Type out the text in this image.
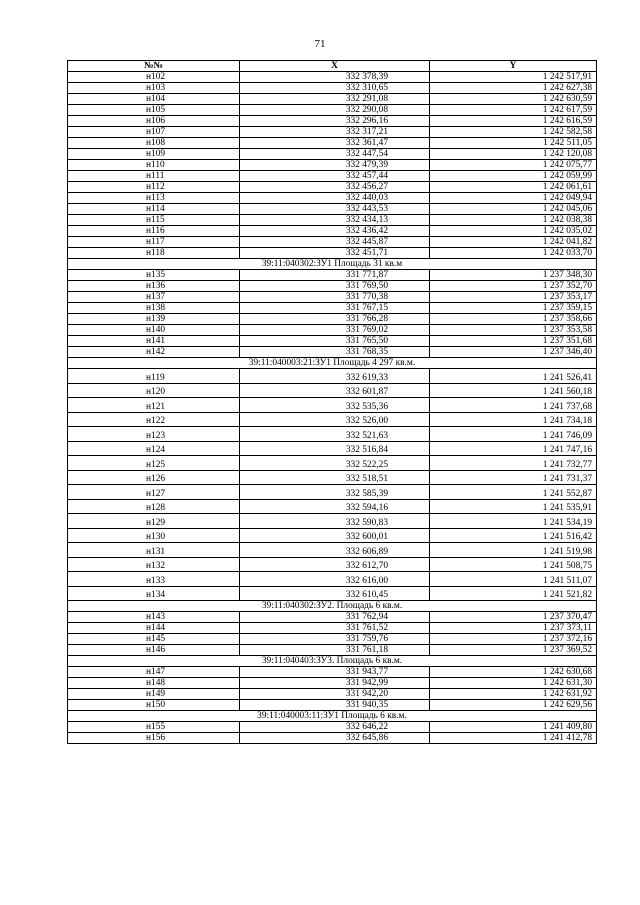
71
№№	X	Y
н102	332 378,39	1 242 517,91
н103	332 310,65	1 242 627,38
н104	332 291,08	1 242 630,59
н105	332 290,08	1 242 617,59
н106	332 296,16	1 242 616,59
н107	332 317,21	1 242 582,58
н108	332 361,47	1 242 511,05
н109	332 447,54	1 242 120,08
н110	332 479,39	1 242 075,77
н111	332 457,44	1 242 059,99
н112	332 456,27	1 242 061,61
н113	332 440,03	1 242 049,94
н114	332 443,53	1 242 045,06
н115	332 434,13	1 242 038,38
н116	332 436,42	1 242 035,02
н117	332 445,87	1 242 041,82
н118	332 451,71	1 242 033,70
39:11:040302:ЗУ1 Площадь 31 кв.м		
н135	331 771,87	1 237 348,30
н136	331 769,50	1 237 352,70
н137	331 770,38	1 237 353,17
н138	331 767,15	1 237 359,15
н139	331 766,28	1 237 358,66
н140	331 769,02	1 237 353,58
н141	331 765,50	1 237 351,68
н142	331 768,35	1 237 346,40
39:11:040003:21:ЗУ1 Площадь 4 297 кв.м.		
н119	332 619,33	1 241 526,41
н120	332 601,87	1 241 560,18
н121	332 535,36	1 241 737,68
н122	332 526,00	1 241 734,18
н123	332 521,63	1 241 746,09
н124	332 516,84	1 241 747,16
н125	332 522,25	1 241 732,77
н126	332 518,51	1 241 731,37
н127	332 585,39	1 241 552,87
н128	332 594,16	1 241 535,91
н129	332 590,83	1 241 534,19
н130	332 600,01	1 241 516,42
н131	332 606,89	1 241 519,98
н132	332 612,70	1 241 508,75
н133	332 616,00	1 241 511,07
н134	332 610,45	1 241 521,82
39:11:040302:ЗУ2. Площадь 6 кв.м.		
н143	331 762,94	1 237 370,47
н144	331 761,52	1 237 373,11
н145	331 759,76	1 237 372,16
н146	331 761,18	1 237 369,52
39:11:040403:ЗУ3. Площадь 6 кв.м.		
н147	331 943,77	1 242 630,68
н148	331 942,99	1 242 631,30
н149	331 942,20	1 242 631,92
н150	331 940,35	1 242 629,56
39:11:040003:11:ЗУ1 Площадь 6 кв.м.		
н155	332 646,22	1 241 409,80
н156	332 645,86	1 241 412,78
